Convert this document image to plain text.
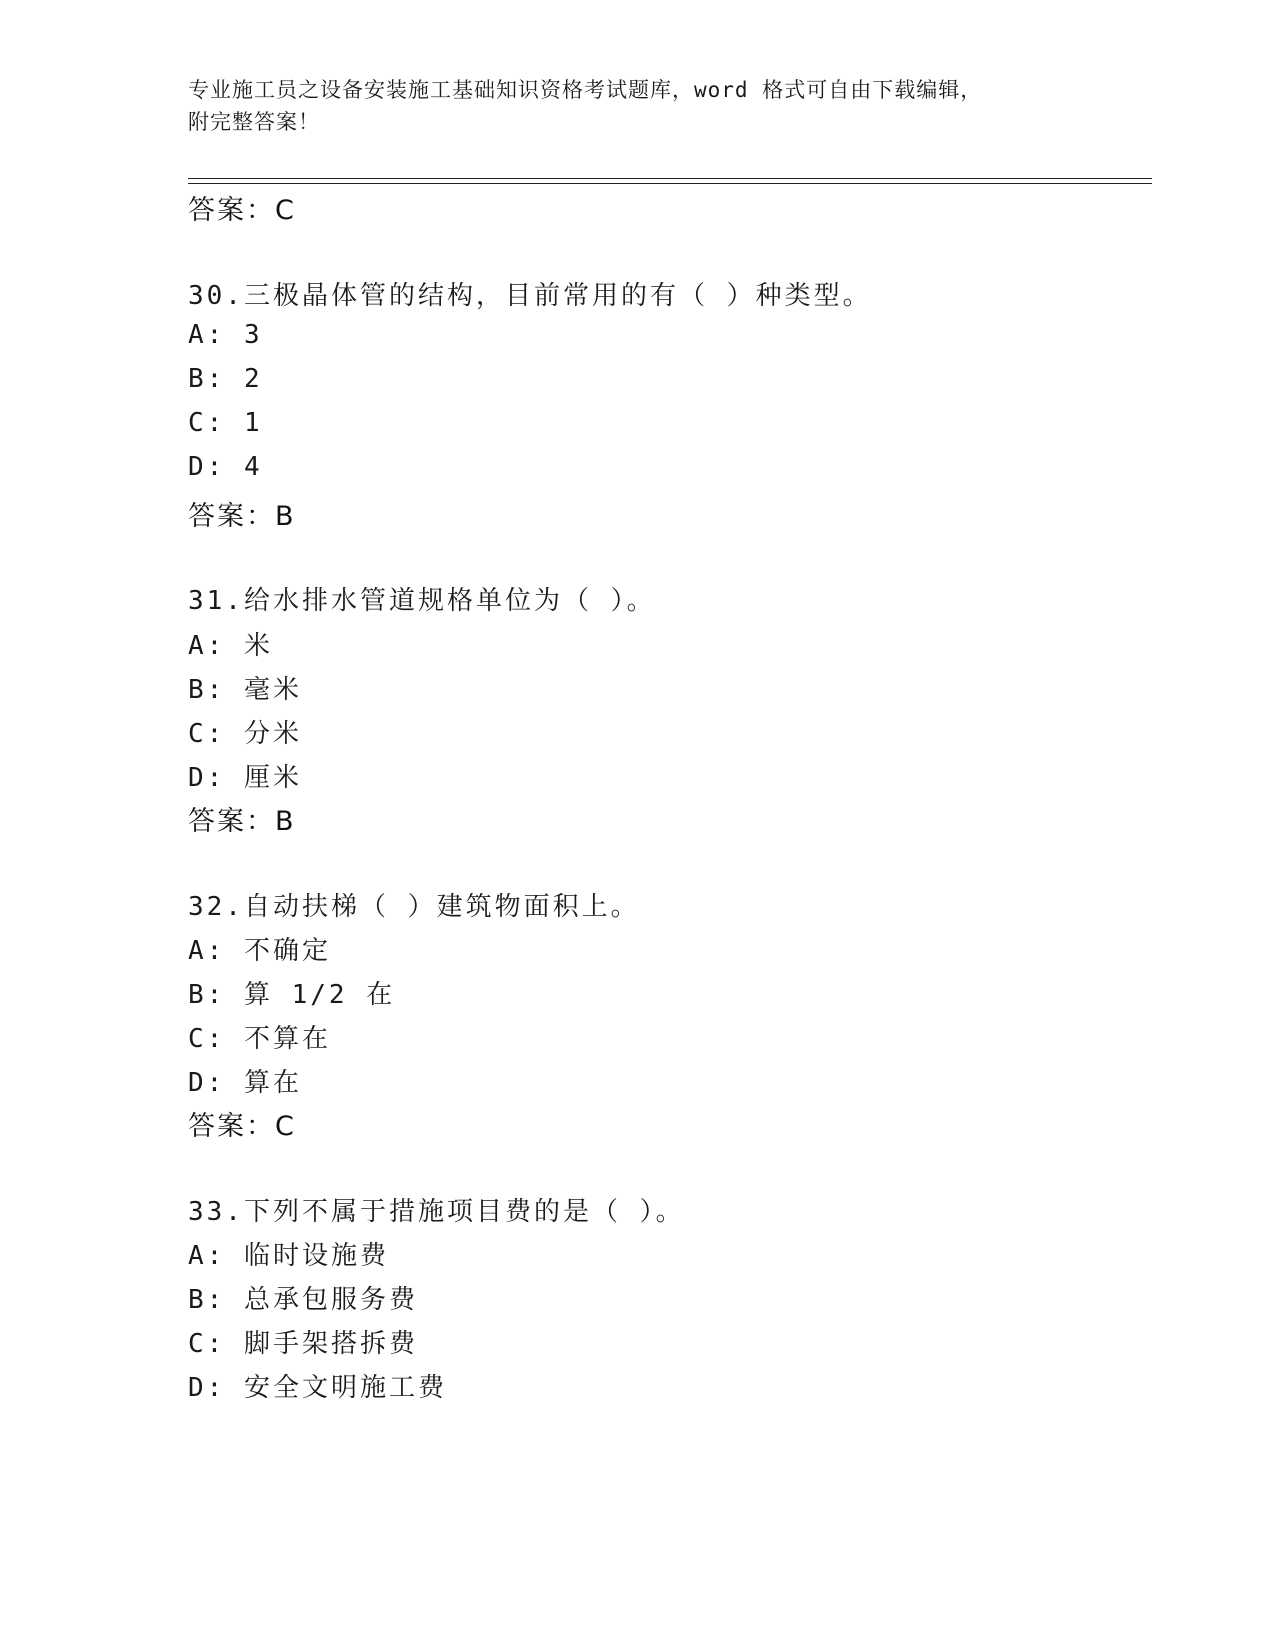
专业施工员之设备安装施工基础知识资格考试题库，word 格式可自由下载编辑，
附完整答案！
答案：C
30.三极晶体管的结构，目前常用的有（ ）种类型。
A: 3
B: 2
C: 1
D: 4
答案：B
31.给水排水管道规格单位为（ ）。
A: 米
B: 毫米
C: 分米
D: 厘米
答案：B
32.自动扶梯（ ）建筑物面积上。
A: 不确定
B: 算 1/2 在
C: 不算在
D: 算在
答案：C
33.下列不属于措施项目费的是（ ）。
A: 临时设施费
B: 总承包服务费
C: 脚手架搭拆费
D: 安全文明施工费
